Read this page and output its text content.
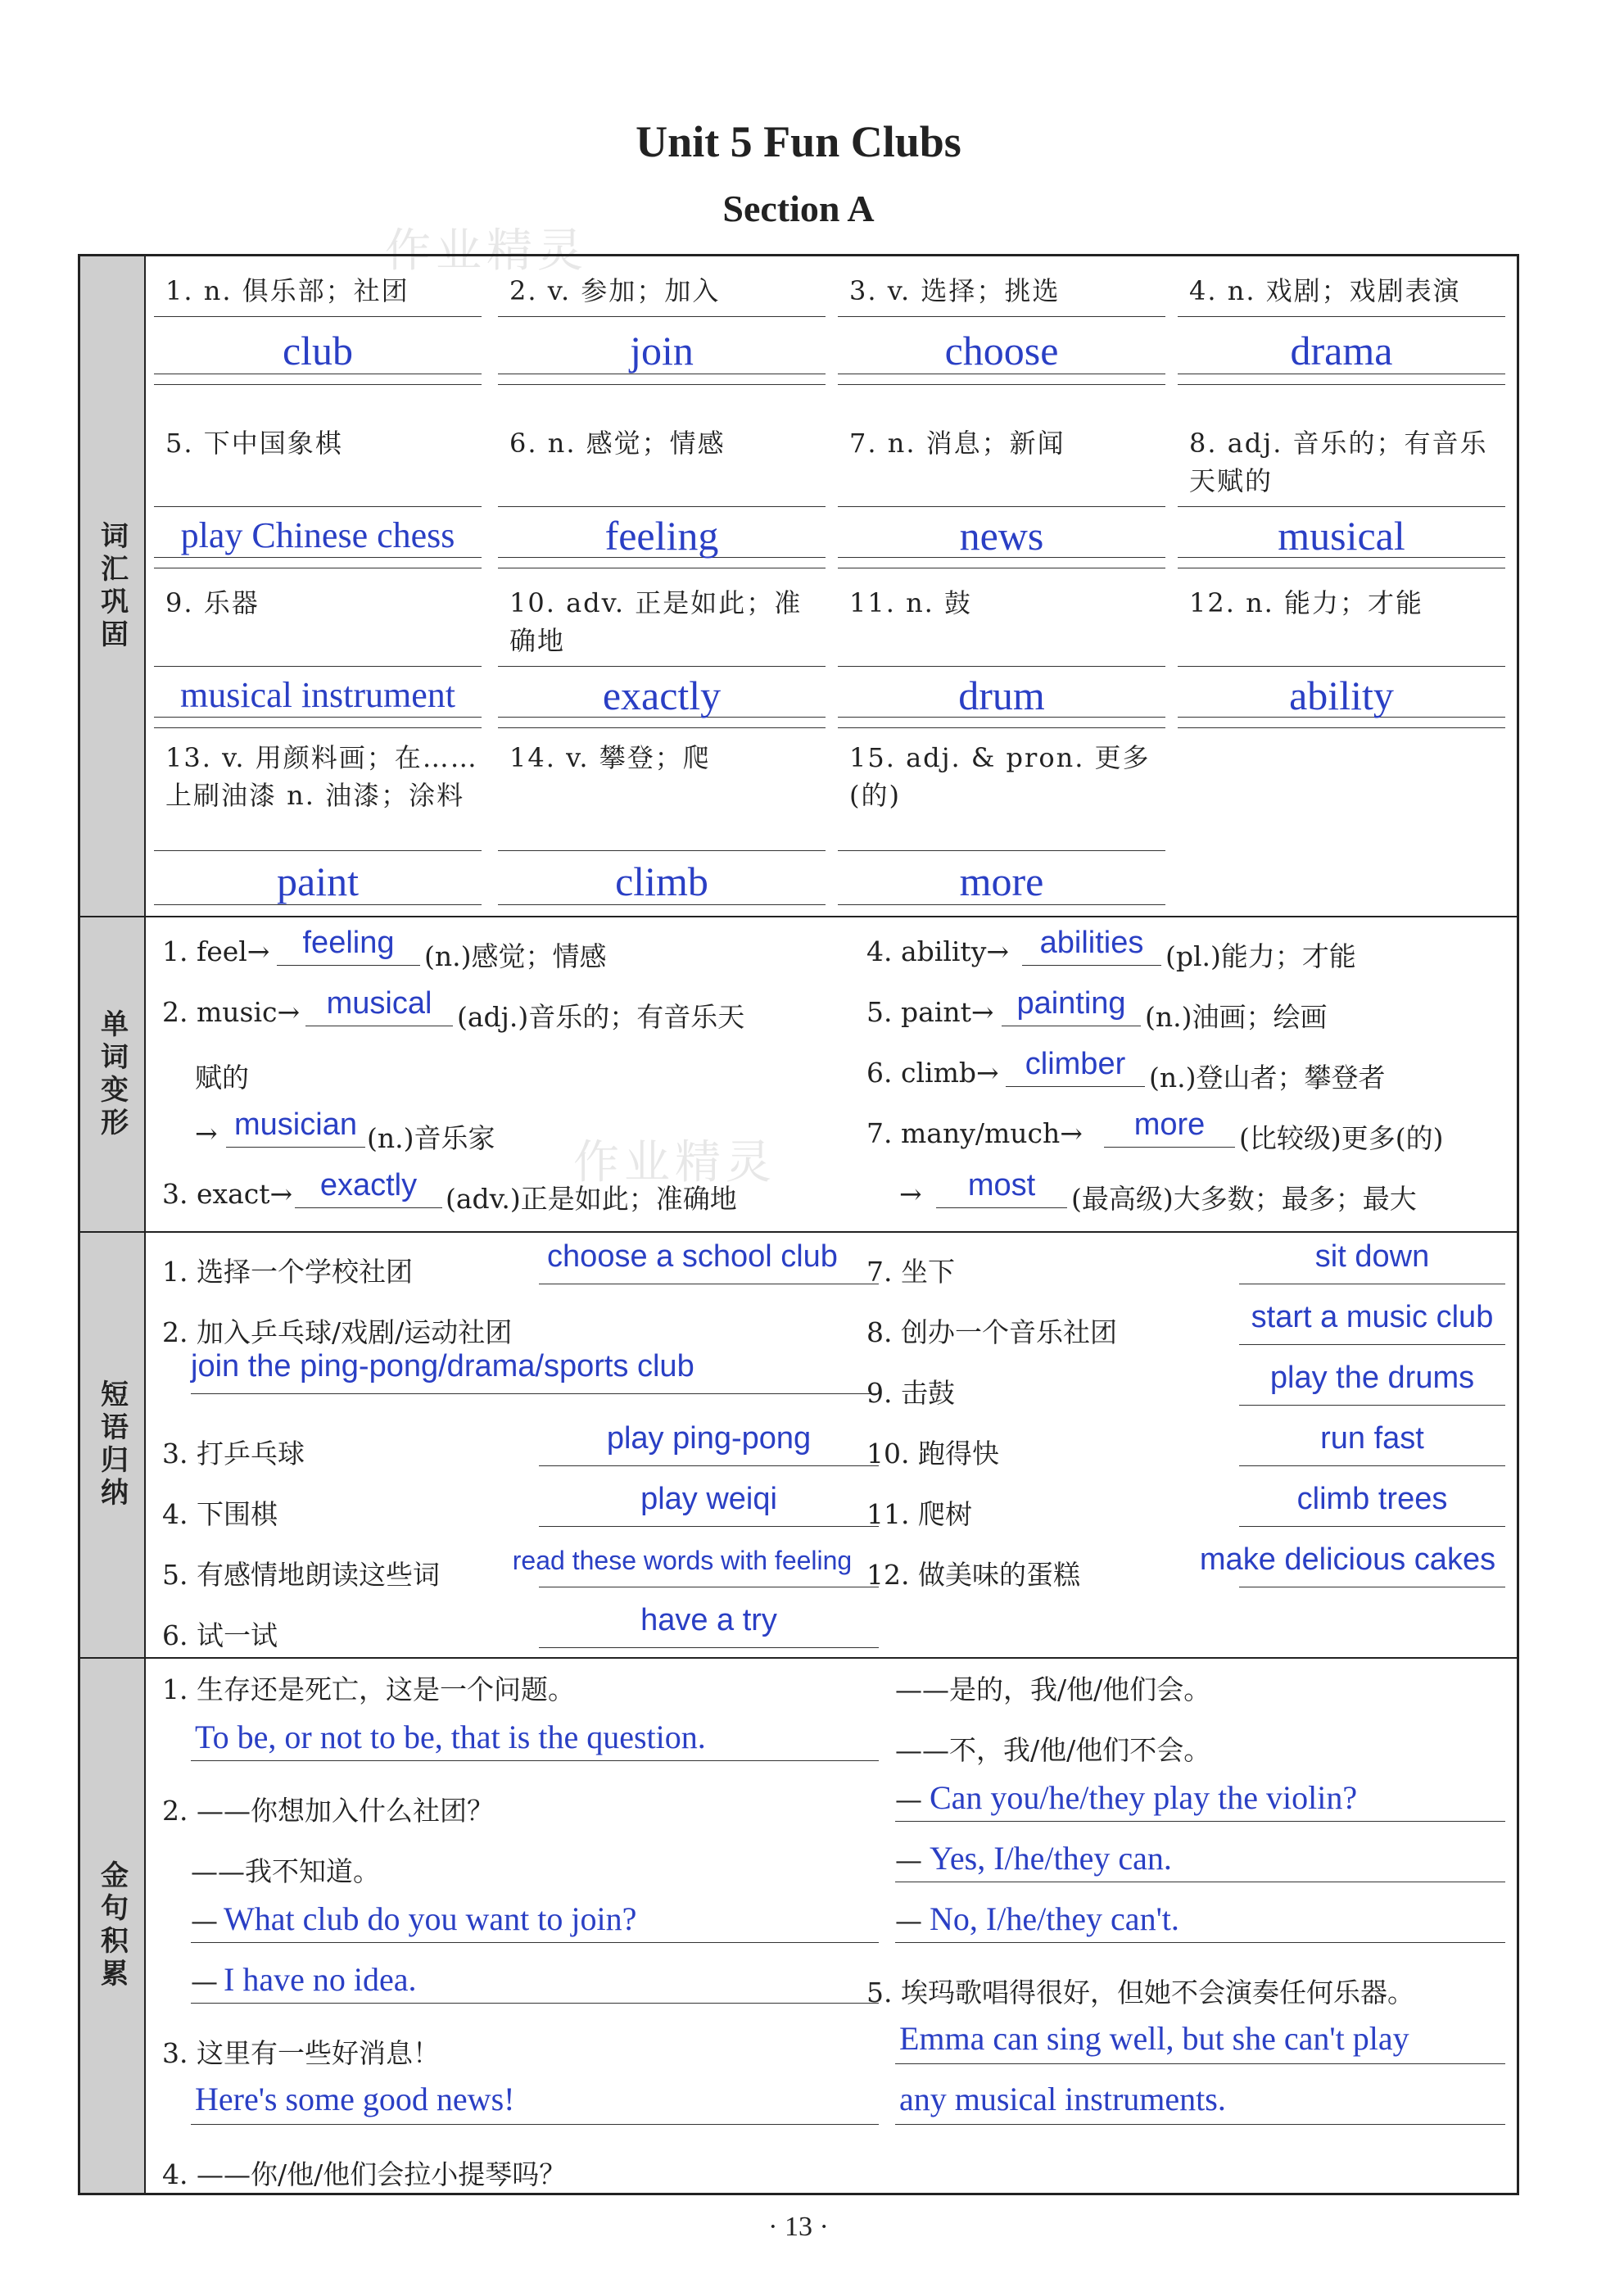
Unit 5 Fun Clubs
Section A
作业精灵
词汇巩固
1. n. 俱乐部；社团
club
2. v. 参加；加入
join
3. v. 选择；挑选
choose
4. n. 戏剧；戏剧表演
drama
5. 下中国象棋
play Chinese chess
6. n. 感觉；情感
feeling
7. n. 消息；新闻
news
8. adj. 音乐的；有音乐天赋的
musical
9. 乐器
musical instrument
10. adv. 正是如此；准确地
exactly
11. n. 鼓
drum
12. n. 能力；才能
ability
13. v. 用颜料画；在……上刷油漆 n. 油漆；涂料
paint
14. v. 攀登；爬
climb
15. adj. & pron. 更多(的)
more
单词变形
1. feel→	feeling	(n.)感觉；情感
2. music→ musical (adj.)音乐的；有音乐天
赋的
→ musician (n.)音乐家
3. exact→ exactly	(adv.)正是如此；准确地
4. ability→ abilities (pl.)能力；才能
5. paint→ painting (n.)油画；绘画
6. climb→ climber (n.)登山者；攀登者
7. many/much→	more	(比较级)更多(的)
→	most	(最高级)大多数；最多；最大
短语归纳
1. 选择一个学校社团	choose a school club
2. 加入乒乓球/戏剧/运动社团
join the ping-pong/drama/sports club
3. 打乒乓球	play ping-pong
4. 下围棋	play weiqi
5. 有感情地朗读这些词	read these words with feeling
6. 试一试	have a try
7. 坐下	sit down
8. 创办一个音乐社团	start a music club
9. 击鼓	play the drums
10. 跑得快	run fast
11. 爬树	climb trees
12. 做美味的蛋糕	make delicious cakes
金句积累
1. 生存还是死亡，这是一个问题。
To be, or not to be, that is the question.
2. ——你想加入什么社团？
——我不知道。
— What club do you want to join?
— I have no idea.
3. 这里有一些好消息！
Here's some good news!
4. ——你/他/他们会拉小提琴吗？
——是的，我/他/他们会。
——不，我/他/他们不会。
— Can you/he/they play the violin?
— Yes, I/he/they can.
— No, I/he/they can't.
5. 埃玛歌唱得很好，但她不会演奏任何乐器。
Emma can sing well, but she can't play
any musical instruments.
作业精灵
· 13 ·
